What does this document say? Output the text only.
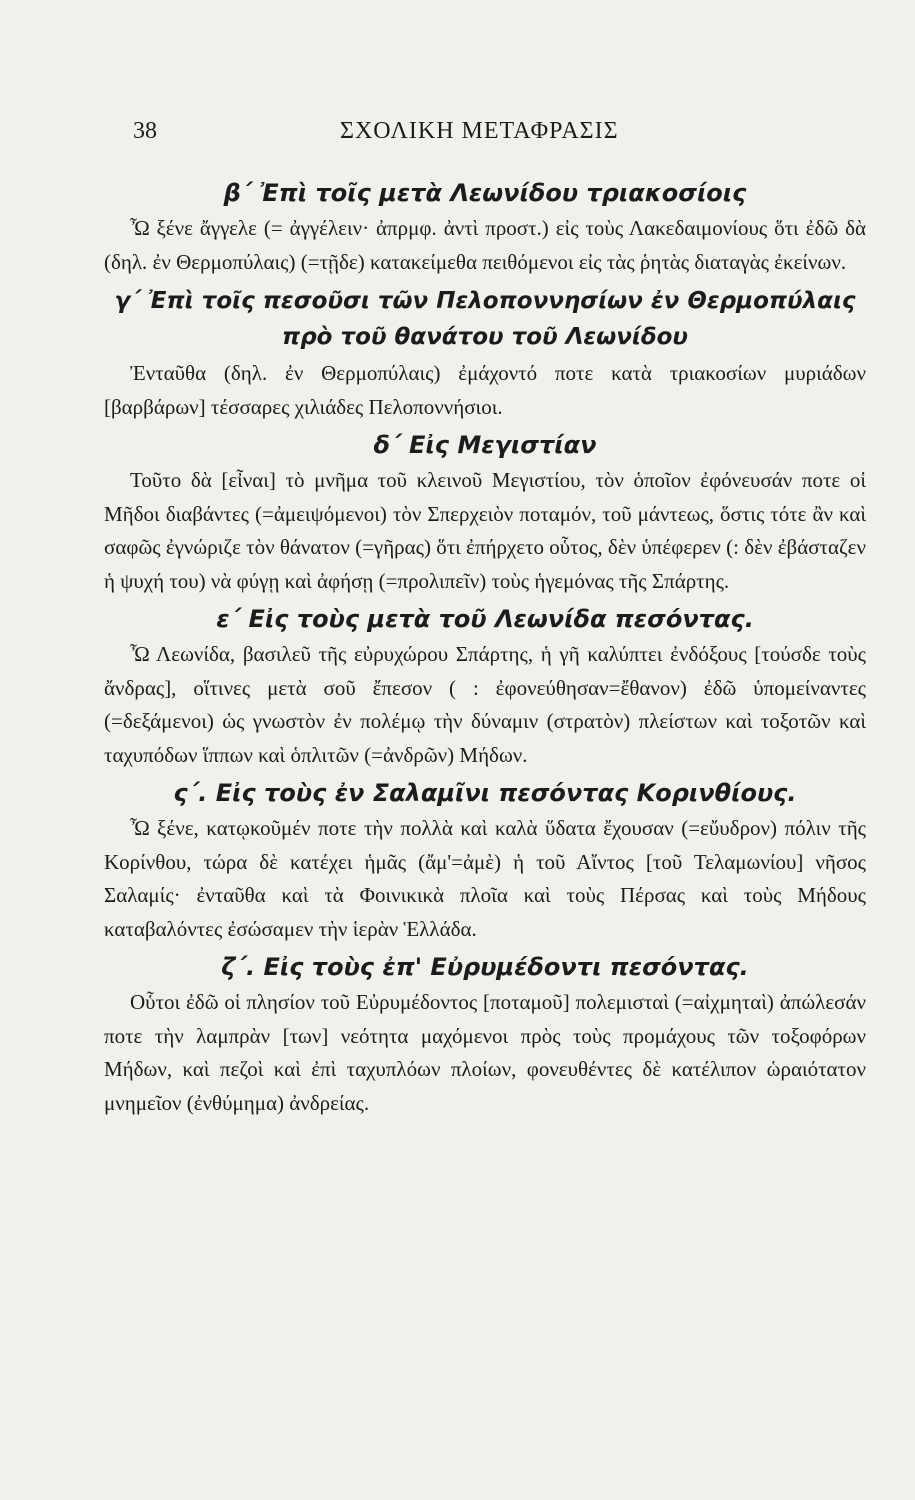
38	ΣΧΟΛΙΚΗ ΜΕΤΑΦΡΑΣΙΣ
β΄ Ἐπὶ τοῖς μετὰ Λεωνίδου τριακοσίοις

Ὦ ξένε ἄγγελε (= ἀγγέλειν· ἀπρμφ. ἀντὶ προστ.) εἰς τοὺς Λακεδαιμονίους ὅτι ἐδῶ δὰ (δηλ. ἐν Θερμοπύλαις) (=τῇδε) κατακείμεθα πειθόμενοι εἰς τὰς ῥητὰς διαταγὰς ἐκείνων.

γ΄ Ἐπὶ τοῖς πεσοῦσι τῶν Πελοποννησίων ἐν Θερμοπύλαις πρὸ τοῦ θανάτου τοῦ Λεωνίδου

Ἐνταῦθα (δηλ. ἐν Θερμοπύλαις) ἐμάχοντό ποτε κατὰ τριακοσίων μυριάδων [βαρβάρων] τέσσαρες χιλιάδες Πελοποννήσιοι.

δ΄ Εἰς Μεγιστίαν

Τοῦτο δὰ [εἶναι] τὸ μνῆμα τοῦ κλεινοῦ Μεγιστίου, τὸν ὁποῖον ἐφόνευσάν ποτε οἱ Μῆδοι διαβάντες (=ἀμειψόμενοι) τὸν Σπερχειὸν ποταμόν, τοῦ μάντεως, ὅστις τότε ἂν καὶ σαφῶς ἐγνώριζε τὸν θάνατον (=γῆρας) ὅτι ἐπήρχετο οὗτος, δὲν ὑπέφερεν (: δὲν ἐβάσταζεν ἡ ψυχή του) νὰ φύγῃ καὶ ἀφήσῃ (=προλιπεῖν) τοὺς ἡγεμόνας τῆς Σπάρτης.

ε΄ Εἰς τοὺς μετὰ τοῦ Λεωνίδα πεσόντας.

Ὦ Λεωνίδα, βασιλεῦ τῆς εὐρυχώρου Σπάρτης, ἡ γῆ καλύπτει ἐνδόξους [τούσδε τοὺς ἄνδρας], οἵτινες μετὰ σοῦ ἔπεσον ( : ἐφονεύθησαν=ἔθανον) ἐδῶ ὑπομείναντες (=δεξάμενοι) ὡς γνωστὸν ἐν πολέμῳ τὴν δύναμιν (στρατὸν) πλείστων καὶ τοξοτῶν καὶ ταχυπόδων ἵππων καὶ ὁπλιτῶν (=ἀνδρῶν) Μήδων.

ς΄. Εἰς τοὺς ἐν Σαλαμῖνι πεσόντας Κορινθίους.

Ὦ ξένε, κατῳκοῦμέν ποτε τὴν πολλὰ καὶ καλὰ ὕδατα ἔχουσαν (=εὔυδρον) πόλιν τῆς Κορίνθου, τώρα δὲ κατέχει ἡμᾶς (ἄμ'=ἀμὲ) ἡ τοῦ Αἴντος [τοῦ Τελαμωνίου] νῆσος Σαλαμίς· ἐνταῦθα καὶ τὰ Φοινικικὰ πλοῖα καὶ τοὺς Πέρσας καὶ τοὺς Μήδους καταβαλόντες ἐσώσαμεν τὴν ἱερὰν Ἑλλάδα.

ζ΄. Εἰς τοὺς ἐπ' Εὐρυμέδοντι πεσόντας.

Οὗτοι ἐδῶ οἱ πλησίον τοῦ Εὐρυμέδοντος [ποταμοῦ] πολεμισταὶ (=αἰχμηταὶ) ἀπώλεσάν ποτε τὴν λαμπρὰν [των] νεότητα μαχόμενοι πρὸς τοὺς προμάχους τῶν τοξοφόρων Μήδων, καὶ πεζοὶ καὶ ἐπὶ ταχυπλόων πλοίων, φονευθέντες δὲ κατέλιπον ὡραιότατον μνημεῖον (ἐνθύμημα) ἀνδρείας.
